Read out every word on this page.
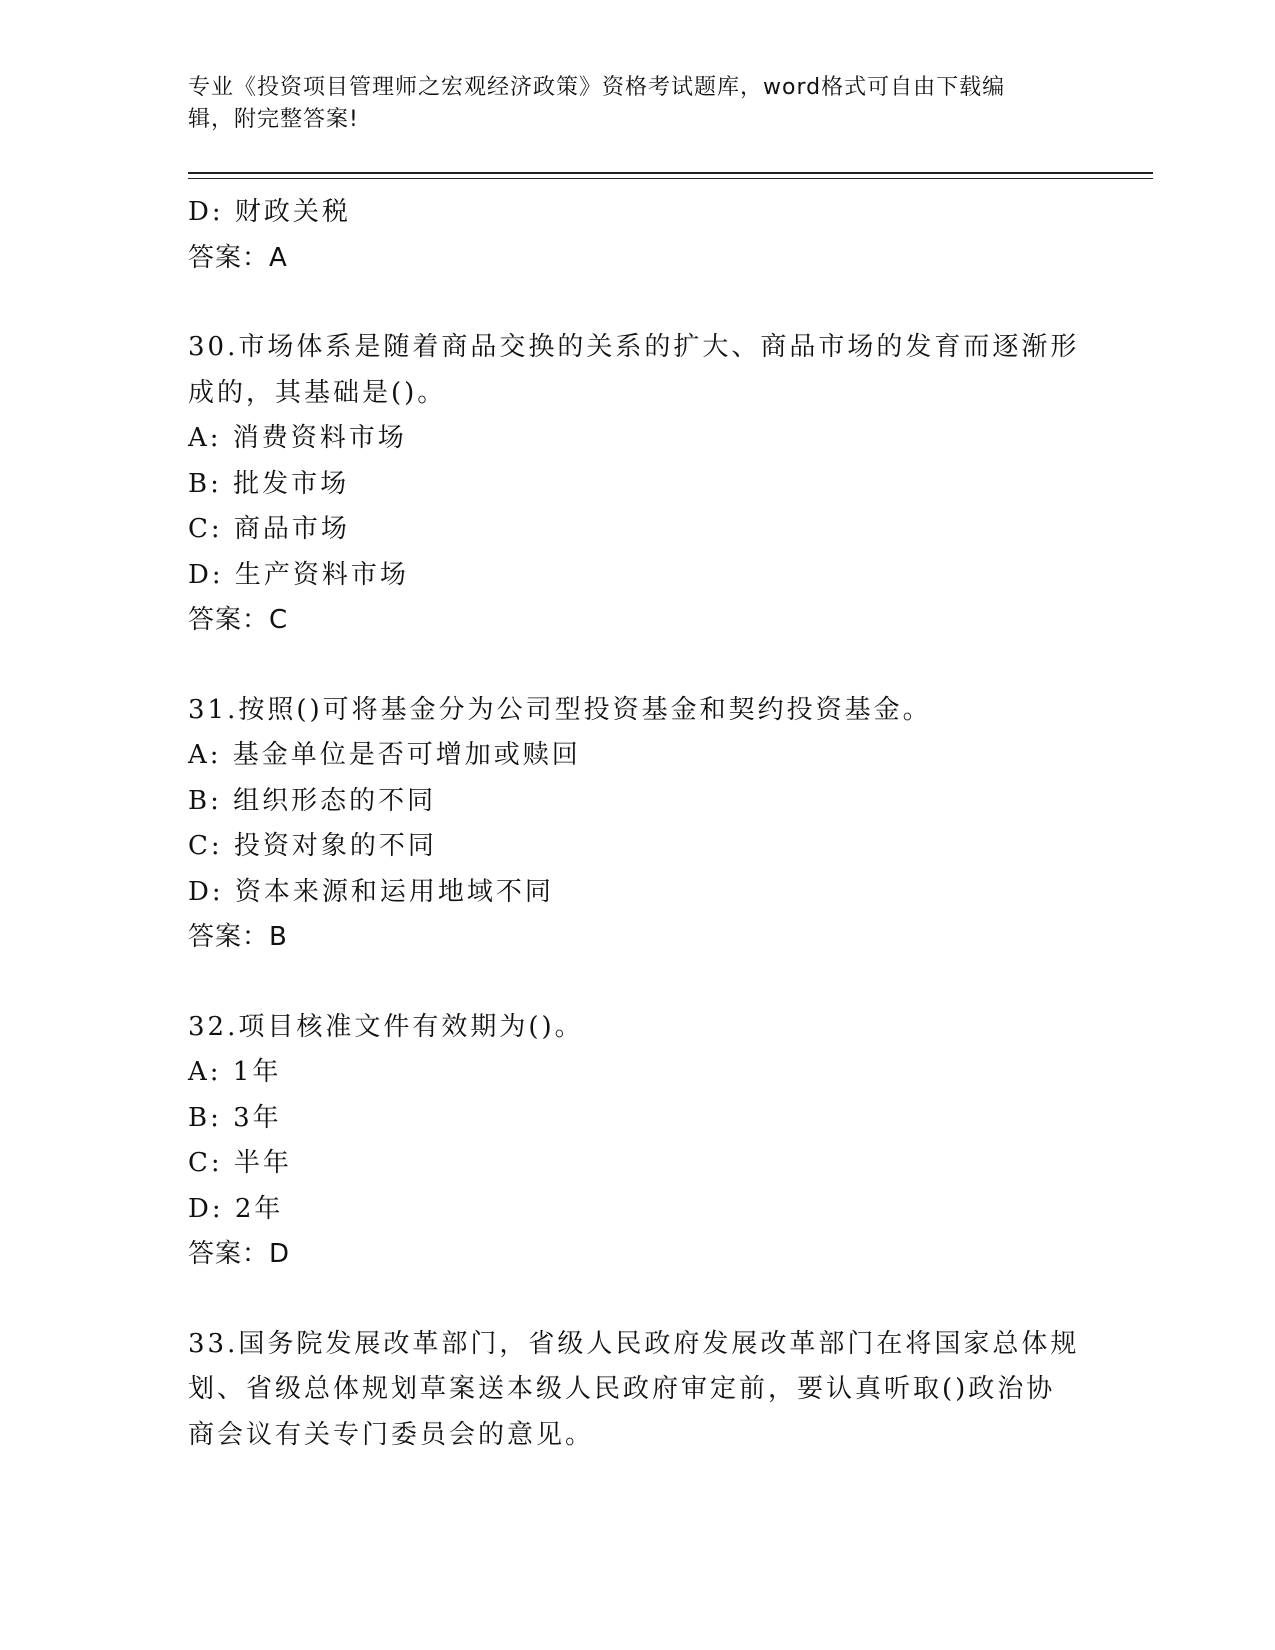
专业《投资项目管理师之宏观经济政策》资格考试题库，word格式可自由下载编
辑，附完整答案!
D: 财政关税
答案：A
30.市场体系是随着商品交换的关系的扩大、商品市场的发育而逐渐形
成的，其基础是()。
A: 消费资料市场
B: 批发市场
C: 商品市场
D: 生产资料市场
答案：C
31.按照()可将基金分为公司型投资基金和契约投资基金。
A: 基金单位是否可增加或赎回
B: 组织形态的不同
C: 投资对象的不同
D: 资本来源和运用地域不同
答案：B
32.项目核准文件有效期为()。
A: 1年
B: 3年
C: 半年
D: 2年
答案：D
33.国务院发展改革部门，省级人民政府发展改革部门在将国家总体规
划、省级总体规划草案送本级人民政府审定前，要认真听取()政治协
商会议有关专门委员会的意见。
